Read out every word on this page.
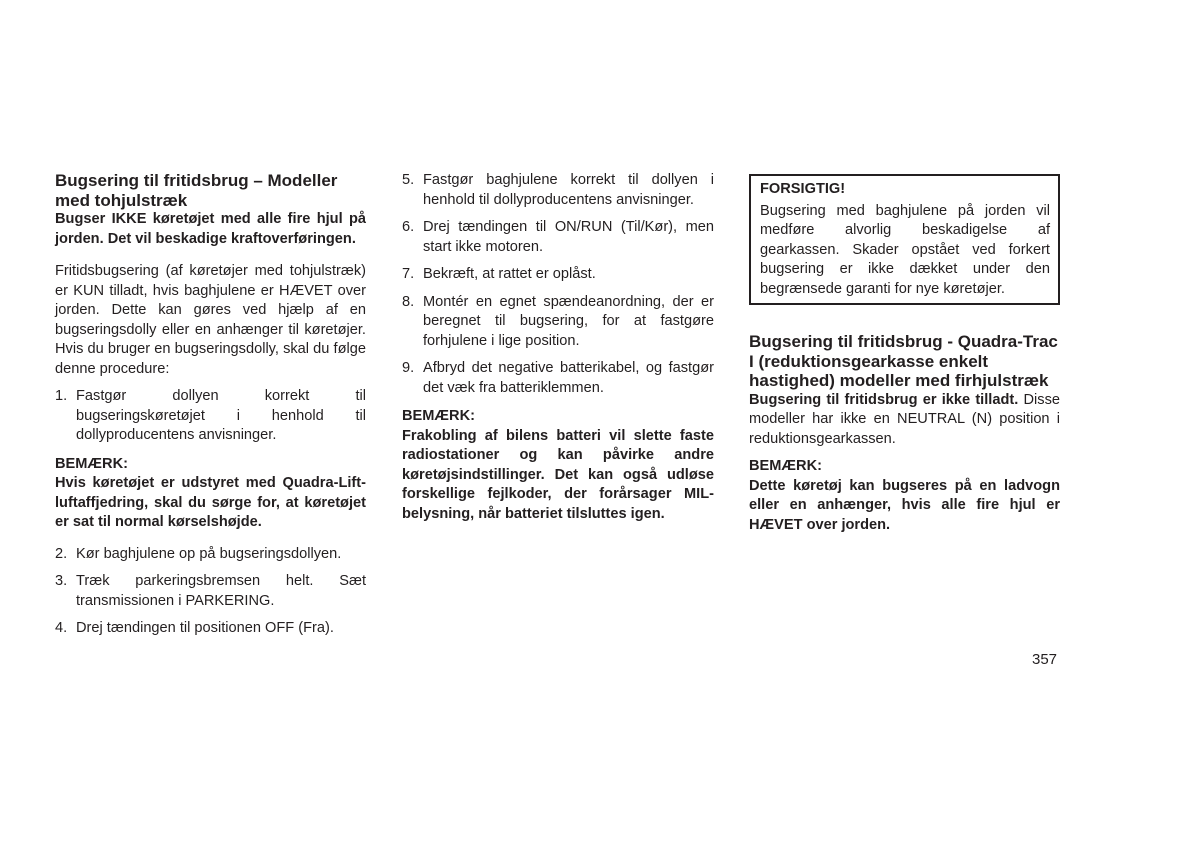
Bugsering til fritidsbrug – Modeller med tohjulstræk

Bugser IKKE køretøjet med alle fire hjul på jorden. Det vil beskadige kraftoverføringen.

Fritidsbugsering (af køretøjer med tohjulstræk) er KUN tilladt, hvis baghjulene er HÆVET over jorden. Dette kan gøres ved hjælp af en bugseringsdolly eller en anhænger til køretøjer. Hvis du bruger en bugseringsdolly, skal du følge denne procedure:

1. Fastgør dollyen korrekt til bugseringskøretøjet i henhold til dollyproducentens anvisninger.

BEMÆRK:

Hvis køretøjet er udstyret med Quadra-Lift-luftaffjedring, skal du sørge for, at køretøjet er sat til normal kørselshøjde.

2. Kør baghjulene op på bugseringsdollyen.
3. Træk parkeringsbremsen helt. Sæt transmissionen i PARKERING.
4. Drej tændingen til positionen OFF (Fra).
5. Fastgør baghjulene korrekt til dollyen i henhold til dollyproducentens anvisninger.
6. Drej tændingen til ON/RUN (Til/Kør), men start ikke motoren.
7. Bekræft, at rattet er oplåst.
8. Montér en egnet spændeanordning, der er beregnet til bugsering, for at fastgøre forhjulene i lige position.
9. Afbryd det negative batterikabel, og fastgør det væk fra batteriklemmen.

BEMÆRK:

Frakobling af bilens batteri vil slette faste radiostationer og kan påvirke andre køretøjsindstillinger. Det kan også udløse forskellige fejlkoder, der forårsager MIL-belysning, når batteriet tilsluttes igen.

FORSIGTIG!

Bugsering med baghjulene på jorden vil medføre alvorlig beskadigelse af gearkassen. Skader opstået ved forkert bugsering er ikke dækket under den begrænsede garanti for nye køretøjer.

Bugsering til fritidsbrug - Quadra-Trac I (reduktionsgearkasse enkelt hastighed) modeller med firhjulstræk

Bugsering til fritidsbrug er ikke tilladt. Disse modeller har ikke en NEUTRAL (N) position i reduktionsgearkassen.

BEMÆRK:

Dette køretøj kan bugseres på en ladvogn eller en anhænger, hvis alle fire hjul er HÆVET over jorden.

357
